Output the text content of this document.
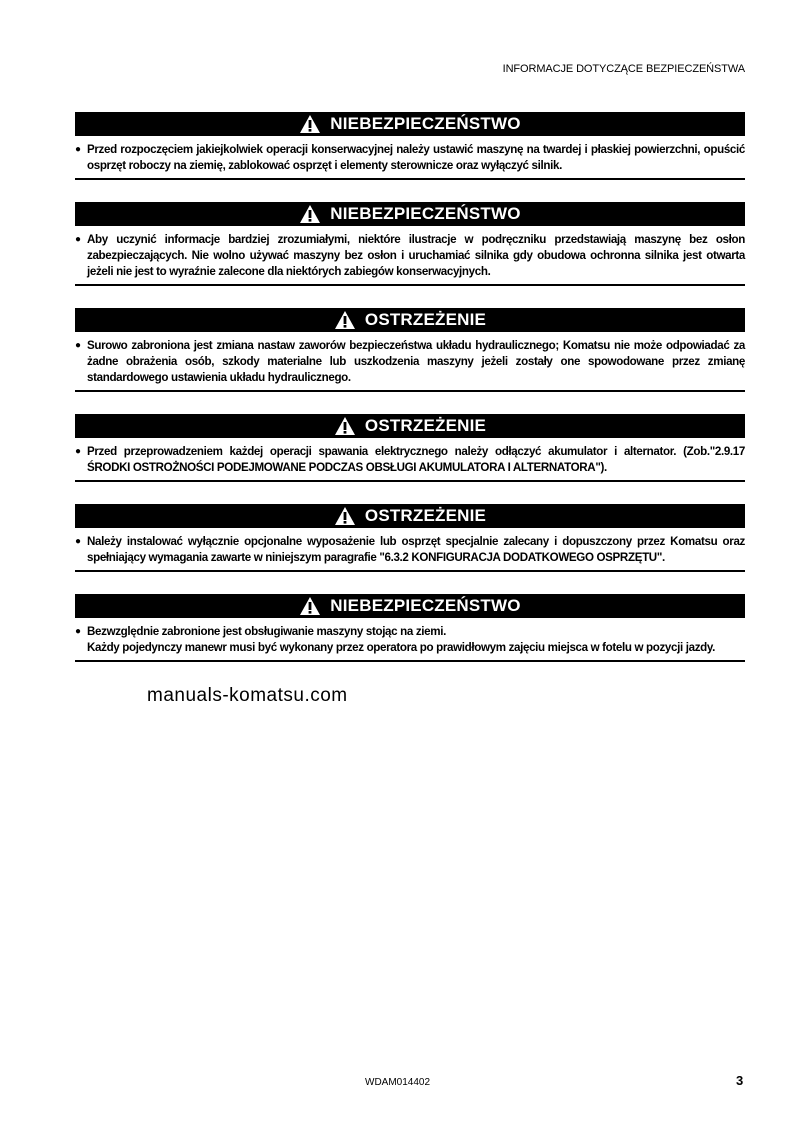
INFORMACJE DOTYCZĄCE BEZPIECZEŃSTWA
NIEBEZPIECZEŃSTWO
● Przed rozpoczęciem jakiejkolwiek operacji konserwacyjnej należy ustawić maszynę na twardej i płaskiej powierzchni, opuścić osprzęt roboczy na ziemię, zablokować osprzęt i elementy sterownicze oraz wyłączyć silnik.
NIEBEZPIECZEŃSTWO
● Aby uczynić informacje bardziej zrozumiałymi, niektóre ilustracje w podręczniku przedstawiają maszynę bez osłon zabezpieczających. Nie wolno używać maszyny bez osłon i uruchamiać silnika gdy obudowa ochronna silnika jest otwarta jeżeli nie jest to wyraźnie zalecone dla niektórych zabiegów konserwacyjnych.
OSTRZEŻENIE
● Surowo zabroniona jest zmiana nastaw zaworów bezpieczeństwa układu hydraulicznego; Komatsu nie może odpowiadać za żadne obrażenia osób, szkody materialne lub uszkodzenia maszyny jeżeli zostały one spowodowane przez zmianę standardowego ustawienia układu hydraulicznego.
OSTRZEŻENIE
● Przed przeprowadzeniem każdej operacji spawania elektrycznego należy odłączyć akumulator i alternator. (Zob."2.9.17 ŚRODKI OSTROŻNOŚCI PODEJMOWANE PODCZAS OBSŁUGI AKUMULATORA I ALTERNATORA").
OSTRZEŻENIE
● Należy instalować wyłącznie opcjonalne wyposażenie lub osprzęt specjalnie zalecany i dopuszczony przez Komatsu oraz spełniający wymagania zawarte w niniejszym paragrafie "6.3.2 KONFIGURACJA DODATKOWEGO OSPRZĘTU".
NIEBEZPIECZEŃSTWO
● Bezwzględnie zabronione jest obsługiwanie maszyny stojąc na ziemi.
Każdy pojedynczy manewr musi być wykonany przez operatora po prawidłowym zajęciu miejsca w fotelu w pozycji jazdy.
manuals-komatsu.com
WDAM014402	3
